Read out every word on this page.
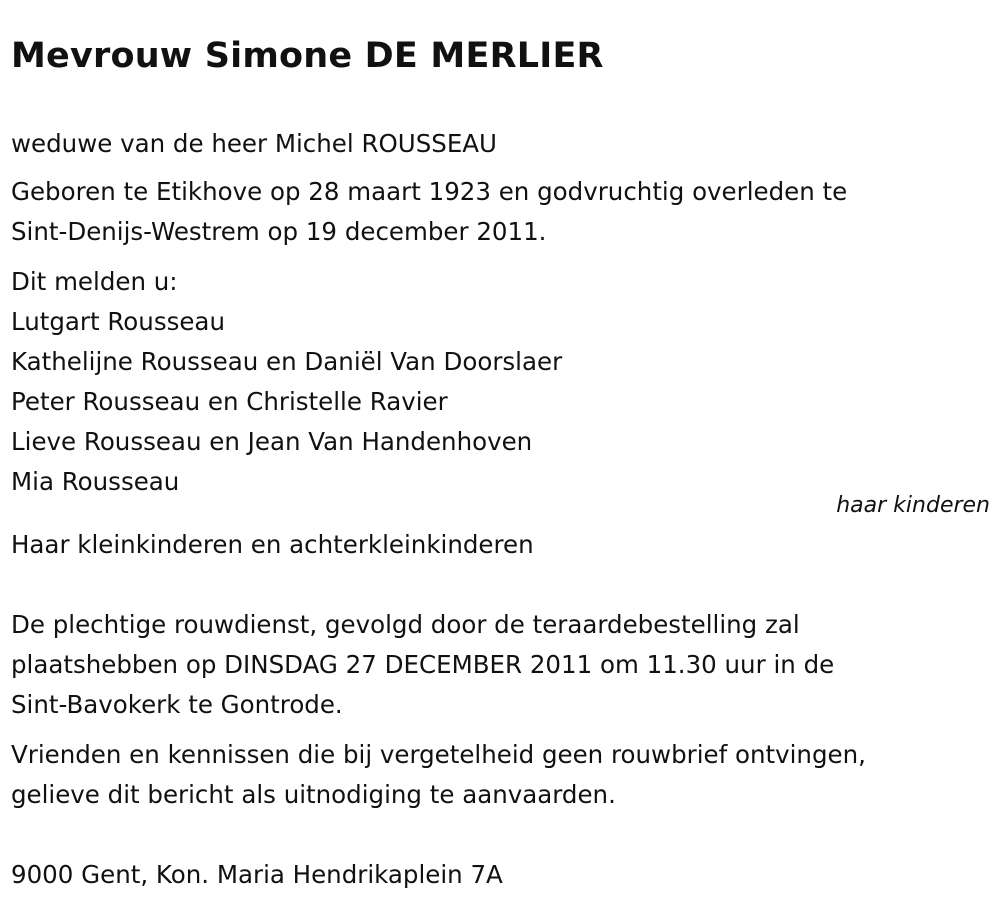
Mevrouw Simone DE MERLIER

weduwe van de heer Michel ROUSSEAU

Geboren te Etikhove op 28 maart 1923 en godvruchtig overleden te

Sint-Denijs-Westrem op 19 december 2011.

Dit melden u:

Lutgart Rousseau

Kathelijne Rousseau en Daniël Van Doorslaer

Peter Rousseau en Christelle Ravier

Lieve Rousseau en Jean Van Handenhoven

Mia Rousseau

haar kinderen

Haar kleinkinderen en achterkleinkinderen

De plechtige rouwdienst, gevolgd door de teraardebestelling zal

plaatshebben op DINSDAG 27 DECEMBER 2011 om 11.30 uur in de

Sint-Bavokerk te Gontrode.

Vrienden en kennissen die bij vergetelheid geen rouwbrief ontvingen,

gelieve dit bericht als uitnodiging te aanvaarden.

9000 Gent, Kon. Maria Hendrikaplein 7A
